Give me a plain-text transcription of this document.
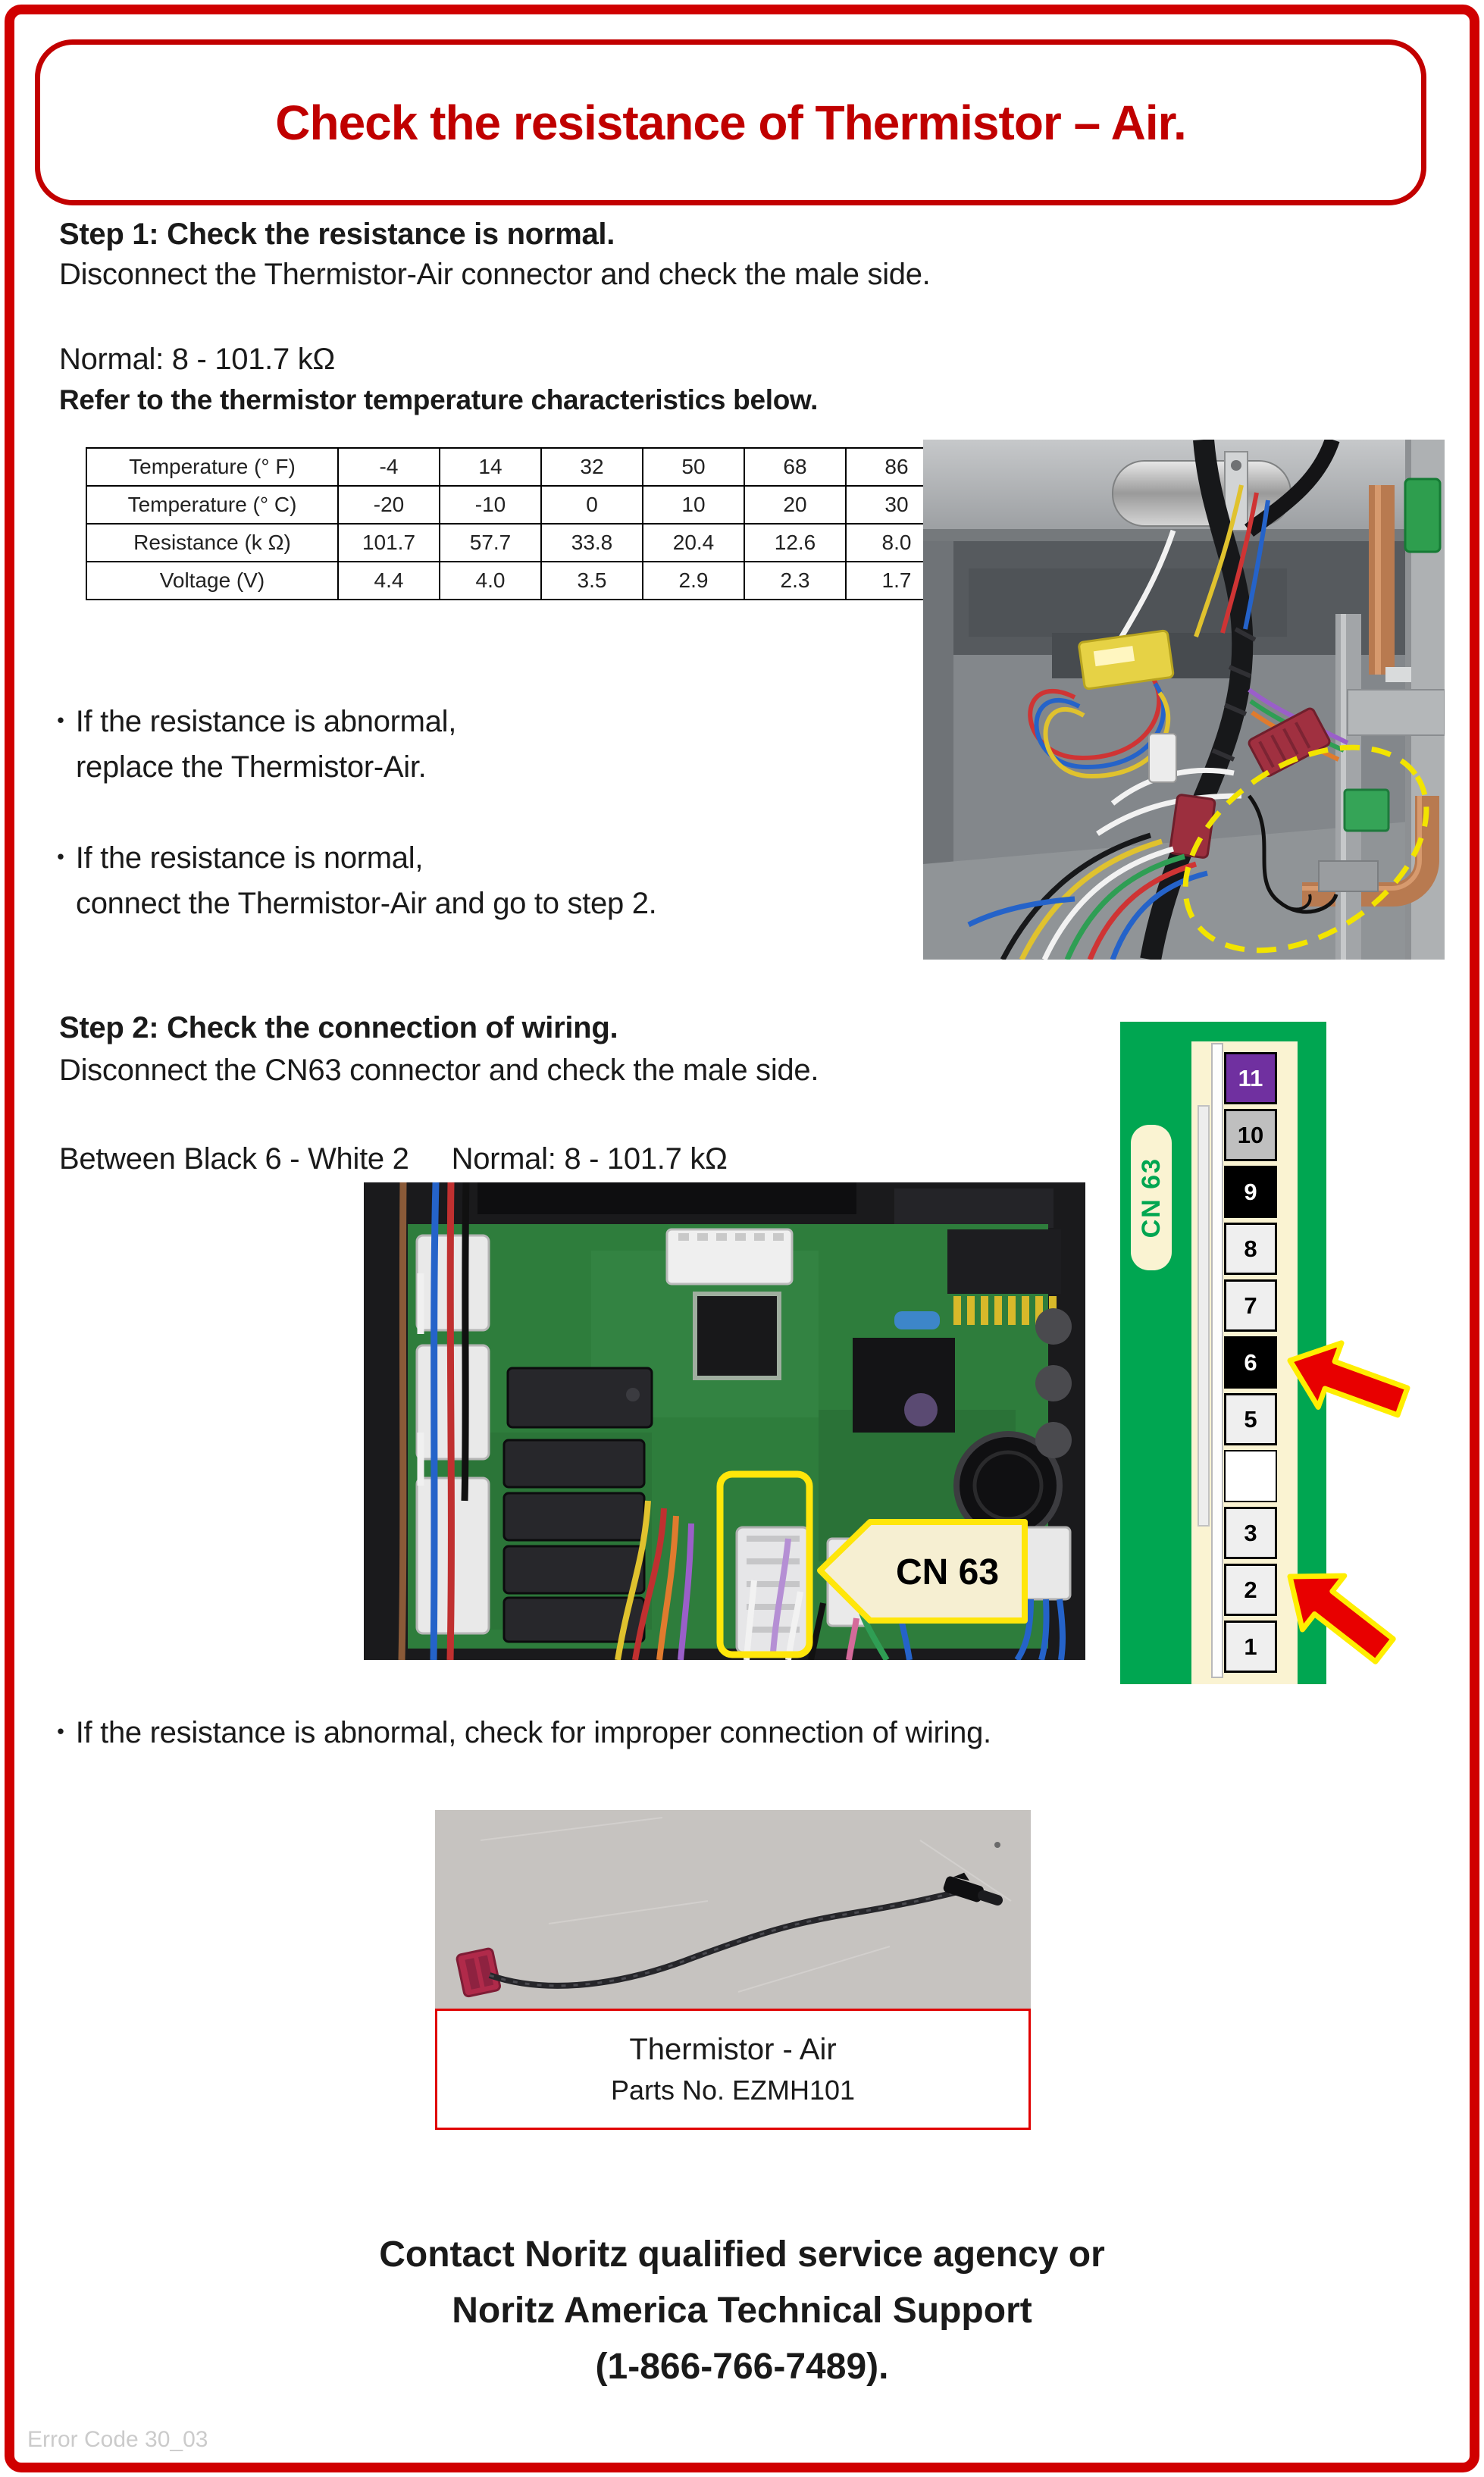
Check the resistance of Thermistor – Air.
Step 1: Check the resistance is normal.
Disconnect the Thermistor-Air connector and check the male side.
Normal: 8 - 101.7 kΩ
Refer to the thermistor temperature characteristics below.
Temperature (° F)	-4	14	32	50	68	86
Temperature (° C)	-20	-10	0	10	20	30
Resistance (k Ω)	101.7	57.7	33.8	20.4	12.6	8.0
Voltage (V)	4.4	4.0	3.5	2.9	2.3	1.7
・If the resistance is abnormal,
replace the Thermistor-Air.
・If the resistance is normal,
connect the Thermistor-Air and go to step 2.
Step 2: Check the connection of wiring.
Disconnect the CN63 connector and check the male side.
Between Black 6 - White 2 Normal: 8 - 101.7 kΩ
CN 63
CN 63
11
10
9
8
7
6
5
3
2
1
・If the resistance is abnormal, check for improper connection of wiring.
Thermistor - Air
Parts No. EZMH101
Contact Noritz qualified service agency or
Noritz America Technical Support
(1-866-766-7489).
Error Code 30_03
